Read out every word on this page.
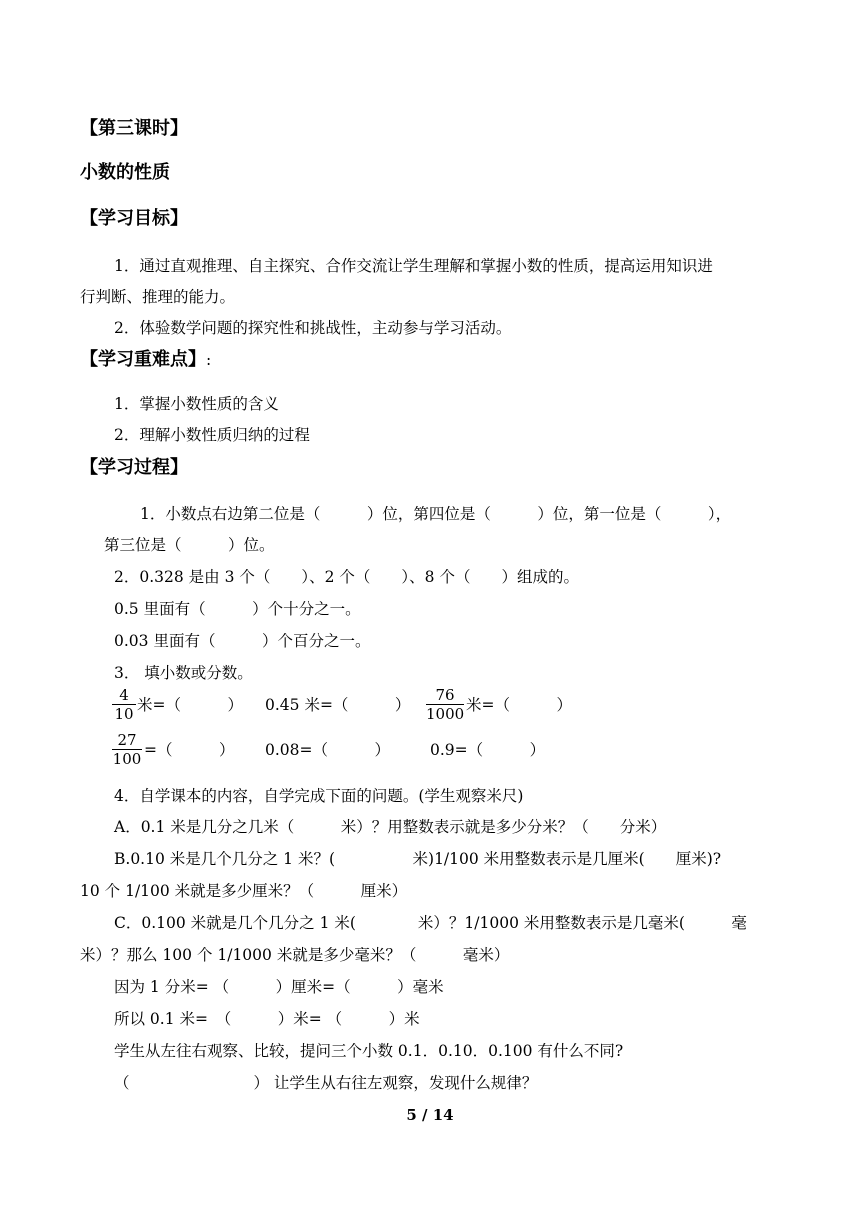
【第三课时】
小数的性质
【学习目标】
1．通过直观推理、自主探究、合作交流让学生理解和掌握小数的性质，提高运用知识进
行判断、推理的能力。
2．体验数学问题的探究性和挑战性，主动参与学习活动。
【学习重难点】:
1．掌握小数性质的含义
2．理解小数性质归纳的过程
【学习过程】
1．小数点右边第二位是（　　　）位，第四位是（　　　）位，第一位是（　　　），
第三位是（　　　）位。
2．0.328 是由 3 个（　　）、2 个（　　）、8 个（　　）组成的。
0.5 里面有（　　　）个十分之一。
0.03 里面有（　　　）个百分之一。
3． 填小数或分数。
4
10 米=（　　　） 0.45 米=（　　　）
76
1000 米=（　　　）
27
100 =（　　　） 0.08=（　　　）	0.9=（　　　）
4．自学课本的内容，自学完成下面的问题。(学生观察米尺)
A．0.1 米是几分之几米（　　　米）？用整数表示就是多少分米？（　　分米）
B.0.10 米是几个几分之 1 米？(　　　　　米)1/100 米用整数表示是几厘米(　　厘米)?
10 个 1/100 米就是多少厘米？（　　　厘米）
C．0.100 米就是几个几分之 1 米(　　　　米）？1/1000 米用整数表示是几毫米(　　　毫
米）？那么 100 个 1/1000 米就是多少毫米？（　　　毫米）
因为 1 分米= （　　　）厘米=（　　　）毫米
所以 0.1 米=　（　　　）米= （　　　）米
学生从左往右观察、比较，提问三个小数 0.1．0.10．0.100 有什么不同?
（　　　　　　　　） 让学生从右往左观察，发现什么规律？
5 / 14
